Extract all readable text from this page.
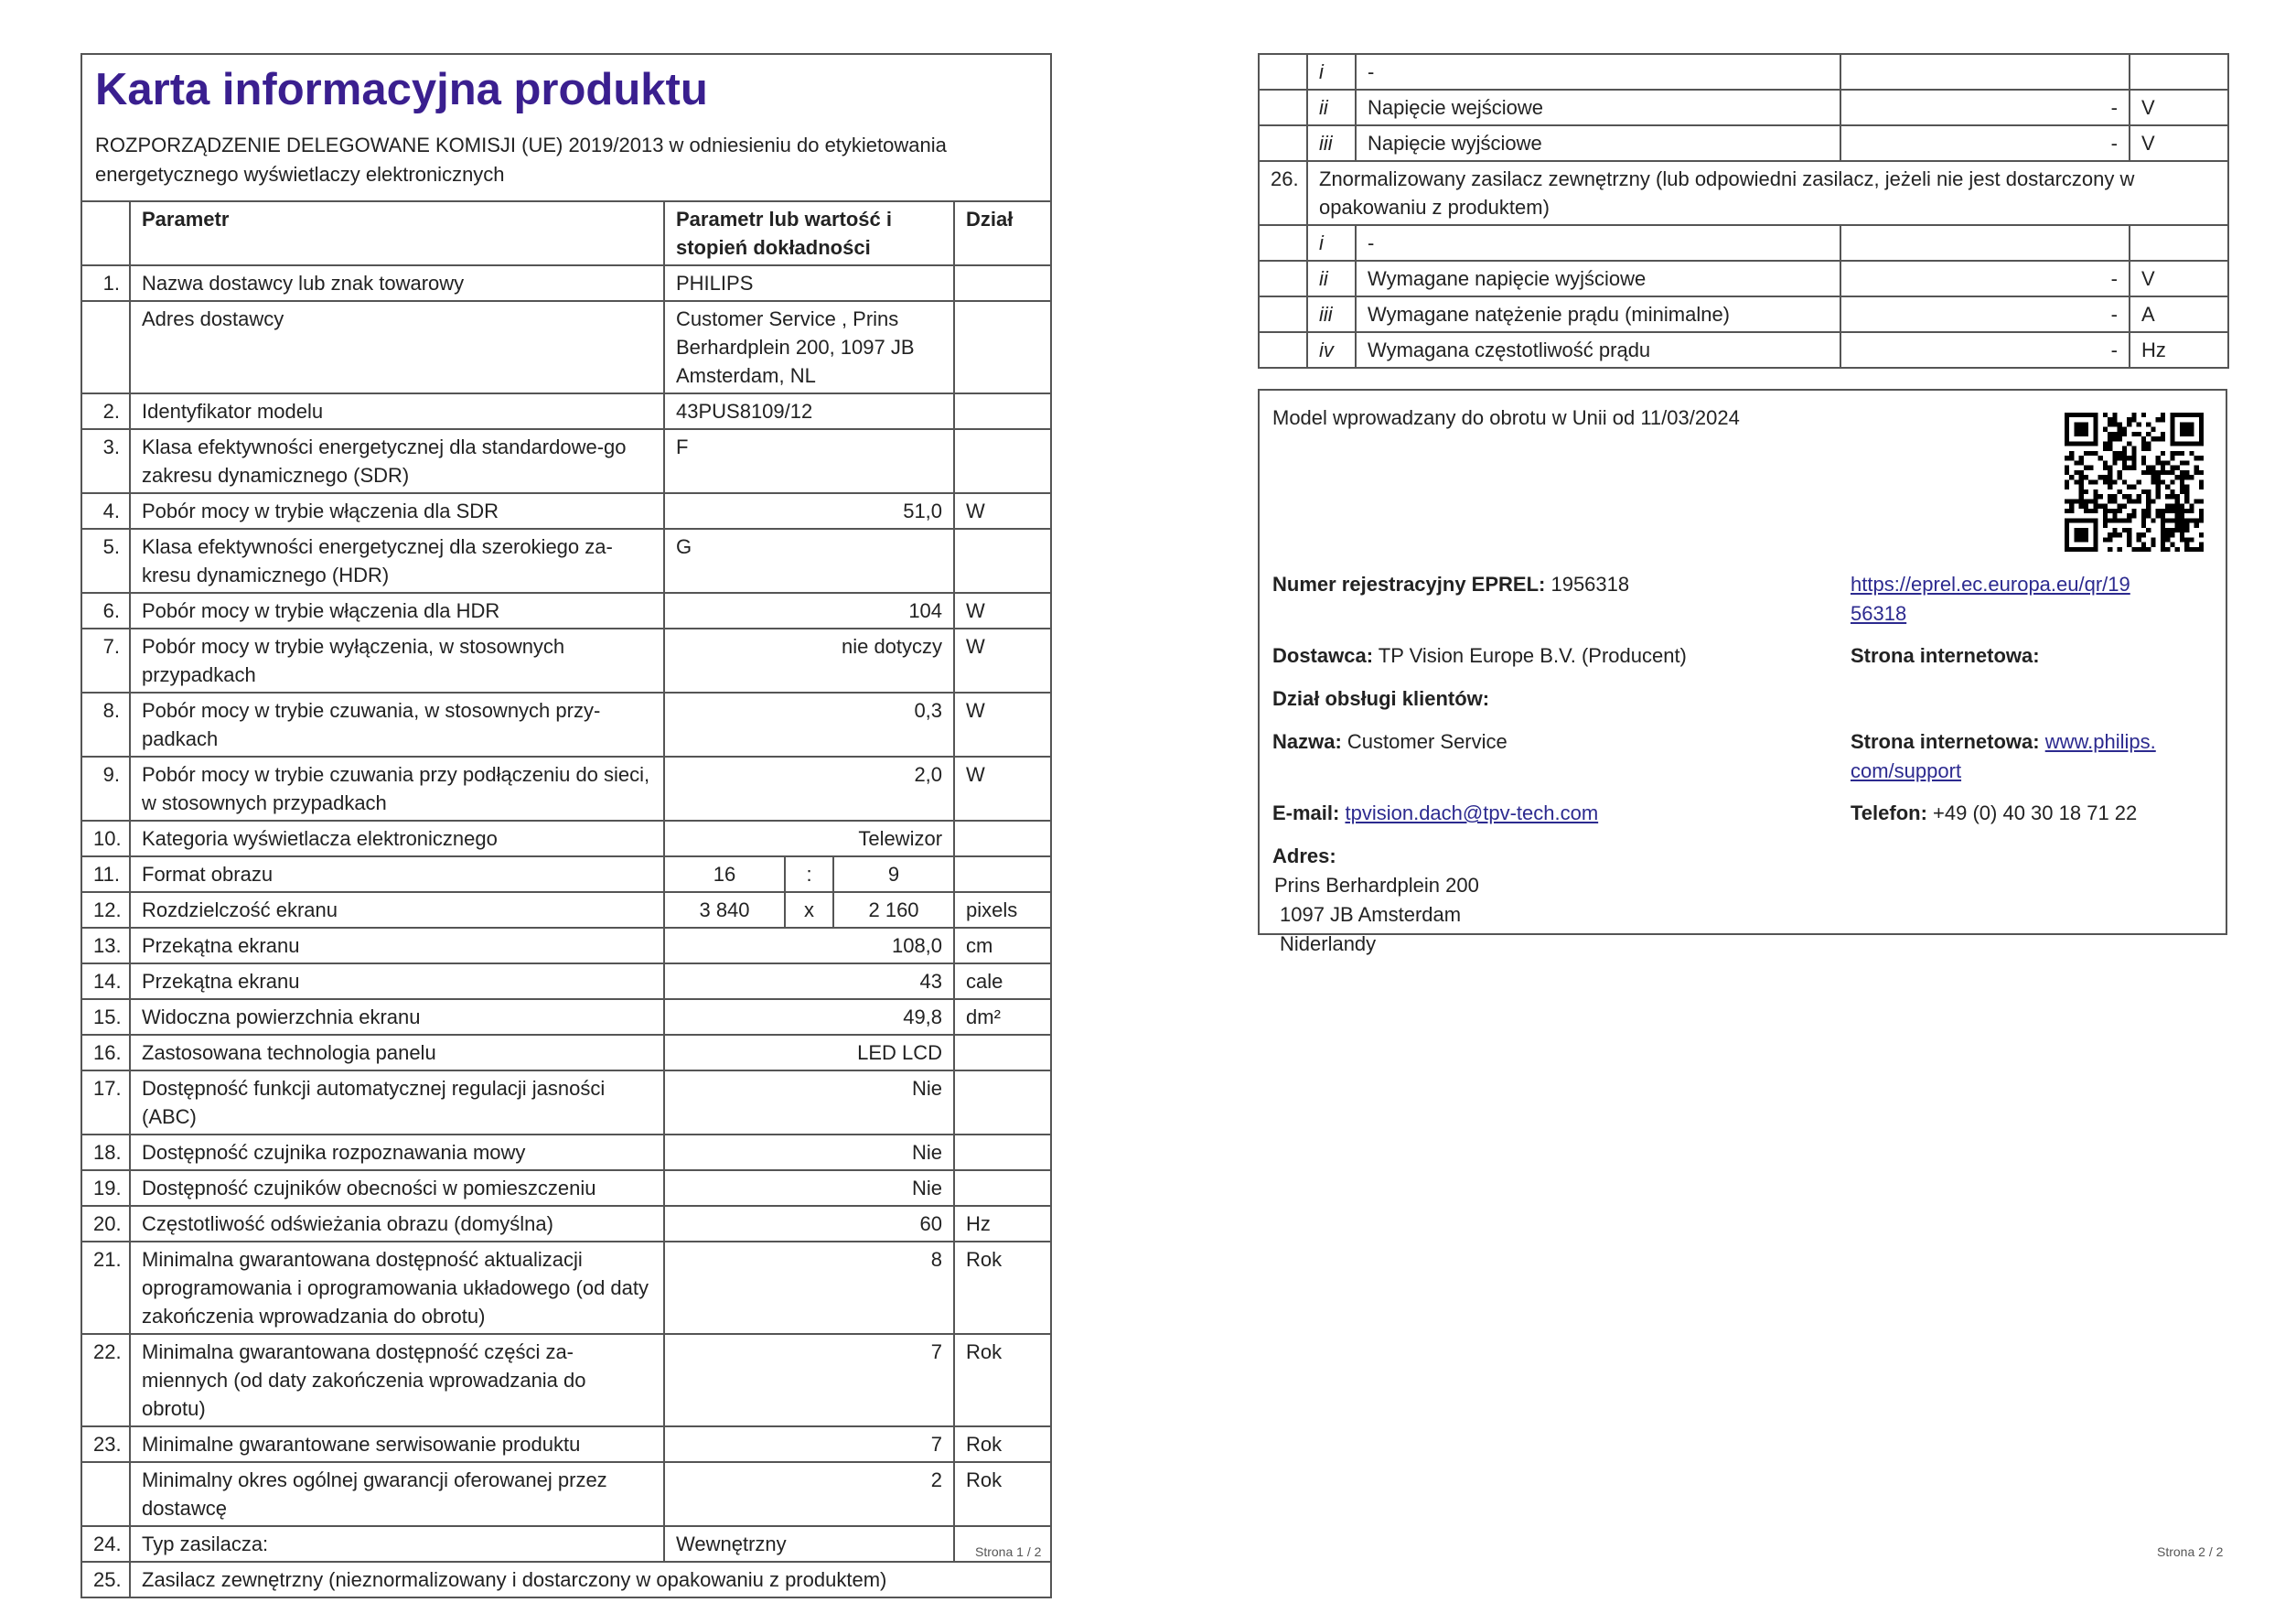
Karta informacyjna produktu
ROZPORZĄDZENIE DELEGOWANE KOMISJI (UE) 2019/2013 w odniesieniu do etykietowania energetycznego wyświetlaczy elektronicznych
	Parametr	Parametr lub wartość i stopień dokładności			Dział
1.	Nazwa dostawcy lub znak towarowy	PHILIPS			
	Adres dostawcy	Customer Service , Prins Berhardplein 200, 1097 JB Amsterdam, NL			
2.	Identyfikator modelu	43PUS8109/12			
3.	Klasa efektywności energetycznej dla standardowe-go zakresu dynamicznego (SDR)	F			
4.	Pobór mocy w trybie włączenia dla SDR	51,0			W
5.	Klasa efektywności energetycznej dla szerokiego za-kresu dynamicznego (HDR)	G			
6.	Pobór mocy w trybie włączenia dla HDR	104			W
7.	Pobór mocy w trybie wyłączenia, w stosownych przypadkach	nie dotyczy			W
8.	Pobór mocy w trybie czuwania, w stosownych przy-padkach	0,3			W
9.	Pobór mocy w trybie czuwania przy podłączeniu do sieci, w stosownych przypadkach	2,0			W
10.	Kategoria wyświetlacza elektronicznego	Telewizor			
11.	Format obrazu	16	:	9	
12.	Rozdzielczość ekranu	3 840	x	2 160	pixels
13.	Przekątna ekranu	108,0			cm
14.	Przekątna ekranu	43			cale
15.	Widoczna powierzchnia ekranu	49,8			dm²
16.	Zastosowana technologia panelu	LED LCD			
17.	Dostępność funkcji automatycznej regulacji jasności (ABC)	Nie			
18.	Dostępność czujnika rozpoznawania mowy	Nie			
19.	Dostępność czujników obecności w pomieszczeniu	Nie			
20.	Częstotliwość odświeżania obrazu (domyślna)	60			Hz
21.	Minimalna gwarantowana dostępność aktualizacji oprogramowania i oprogramowania układowego (od daty zakończenia wprowadzania do obrotu)	8			Rok
22.	Minimalna gwarantowana dostępność części za-miennych (od daty zakończenia wprowadzania do obrotu)	7			Rok
23.	Minimalne gwarantowane serwisowanie produktu	7			Rok
	Minimalny okres ogólnej gwarancji oferowanej przez dostawcę	2			Rok
24.	Typ zasilacza:	Wewnętrzny			
25.	Zasilacz zewnętrzny (nieznormalizowany i dostarczony w opakowaniu z produktem)				
Strona 1 / 2
	i	-		
	ii	Napięcie wejściowe	-	V
	iii	Napięcie wyjściowe	-	V
26.	Znormalizowany zasilacz zewnętrzny (lub odpowiedni zasilacz, jeżeli nie jest dostarczony w opakowaniu z produktem)			
	i	-		
	ii	Wymagane napięcie wyjściowe	-	V
	iii	Wymagane natężenie prądu (minimalne)	-	A
	iv	Wymagana częstotliwość prądu	-	Hz
Model wprowadzany do obrotu w Unii od 11/03/2024
Numer rejestracyjny EPREL: 1956318	https://eprel.ec.europa.eu/qr/19
56318
Dostawca: TP Vision Europe B.V. (Producent)	Strona internetowa:
Dział obsługi klientów:
Nazwa: Customer Service	Strona internetowa: www.philips.
com/support
E-mail: tpvision.dach@tpv-tech.com	Telefon: +49 (0) 40 30 18 71 22
Adres:
Prins Berhardplein 200
1097 JB Amsterdam
Niderlandy
Strona 2 / 2
